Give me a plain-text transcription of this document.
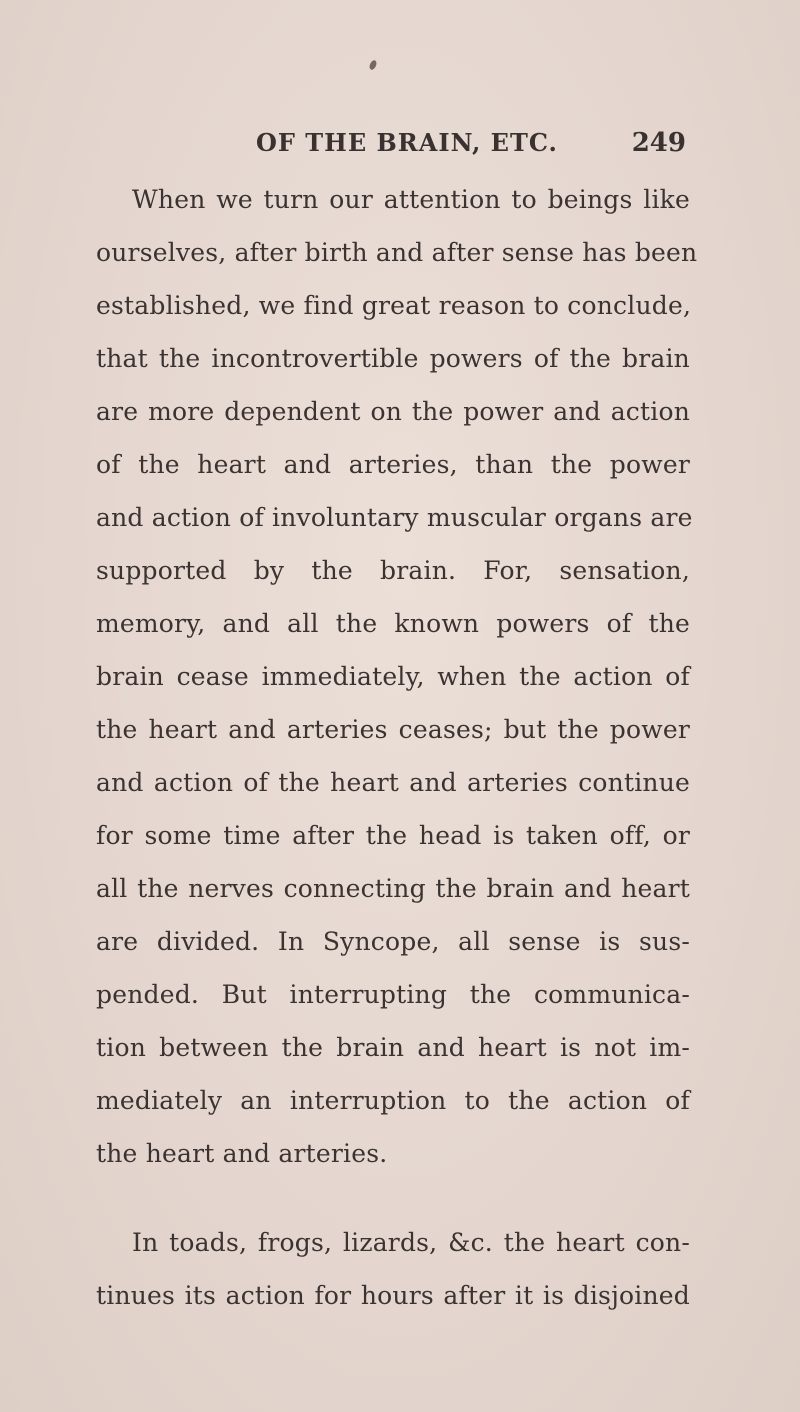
OF THE BRAIN, ETC.	249
When we turn our attention to beings like
ourselves, after birth and after sense has been
established, we find great reason to conclude,
that the incontrovertible powers of the brain
are more dependent on the power and action
of the heart and arteries, than the power
and action of involuntary muscular organs are
supported by the brain. For, sensation,
memory, and all the known powers of the
brain cease immediately, when the action of
the heart and arteries ceases; but the power
and action of the heart and arteries continue
for some time after the head is taken off, or
all the nerves connecting the brain and heart
are divided. In Syncope, all sense is sus-
pended. But interrupting the communica-
tion between the brain and heart is not im-
mediately an interruption to the action of
the heart and arteries.
In toads, frogs, lizards, &c. the heart con-
tinues its action for hours after it is disjoined
